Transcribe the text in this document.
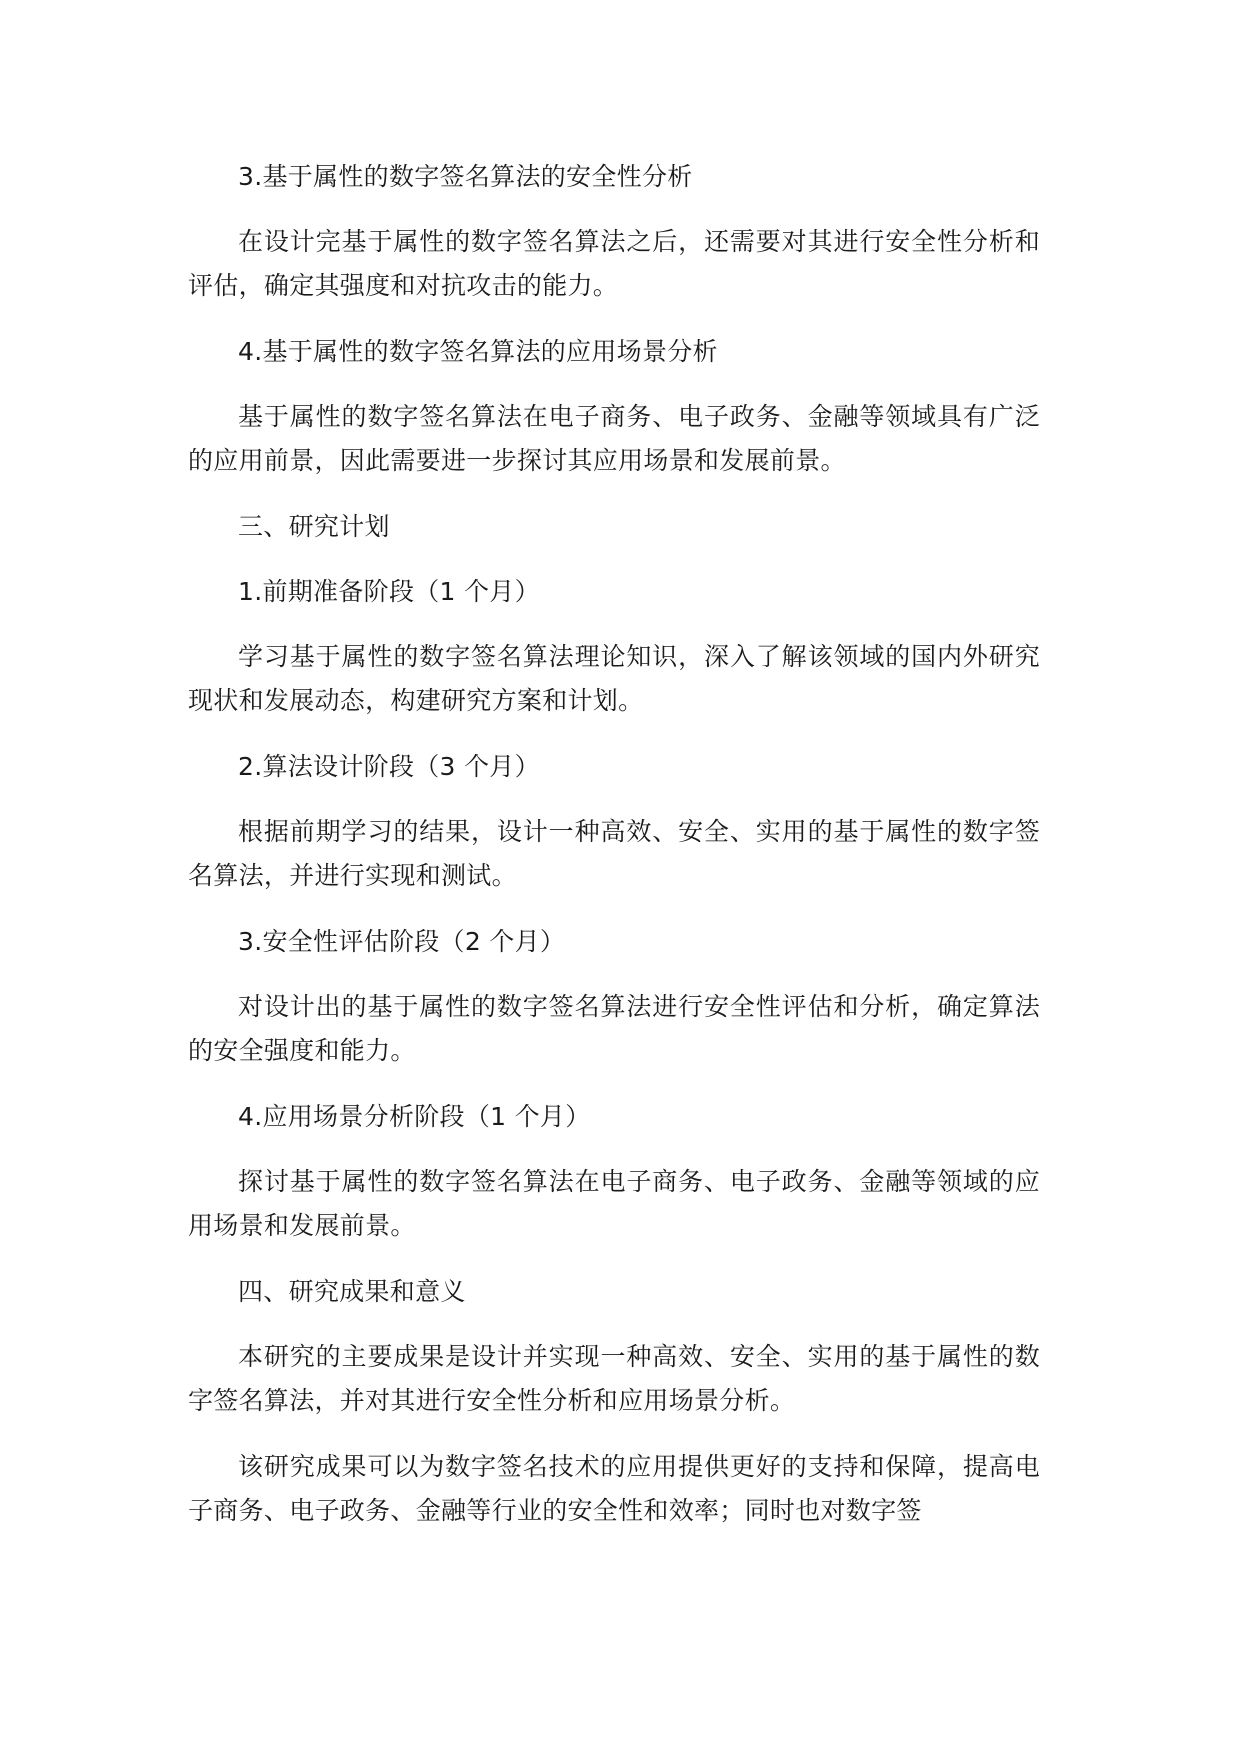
3.基于属性的数字签名算法的安全性分析

在设计完基于属性的数字签名算法之后，还需要对其进行安全性分析和评估，确定其强度和对抗攻击的能力。

4.基于属性的数字签名算法的应用场景分析

基于属性的数字签名算法在电子商务、电子政务、金融等领域具有广泛的应用前景，因此需要进一步探讨其应用场景和发展前景。

三、研究计划

1.前期准备阶段（1 个月）

学习基于属性的数字签名算法理论知识，深入了解该领域的国内外研究现状和发展动态，构建研究方案和计划。

2.算法设计阶段（3 个月）

根据前期学习的结果，设计一种高效、安全、实用的基于属性的数字签名算法，并进行实现和测试。

3.安全性评估阶段（2 个月）

对设计出的基于属性的数字签名算法进行安全性评估和分析，确定算法的安全强度和能力。

4.应用场景分析阶段（1 个月）

探讨基于属性的数字签名算法在电子商务、电子政务、金融等领域的应用场景和发展前景。

四、研究成果和意义

本研究的主要成果是设计并实现一种高效、安全、实用的基于属性的数字签名算法，并对其进行安全性分析和应用场景分析。

该研究成果可以为数字签名技术的应用提供更好的支持和保障，提高电子商务、电子政务、金融等行业的安全性和效率；同时也对数字签
